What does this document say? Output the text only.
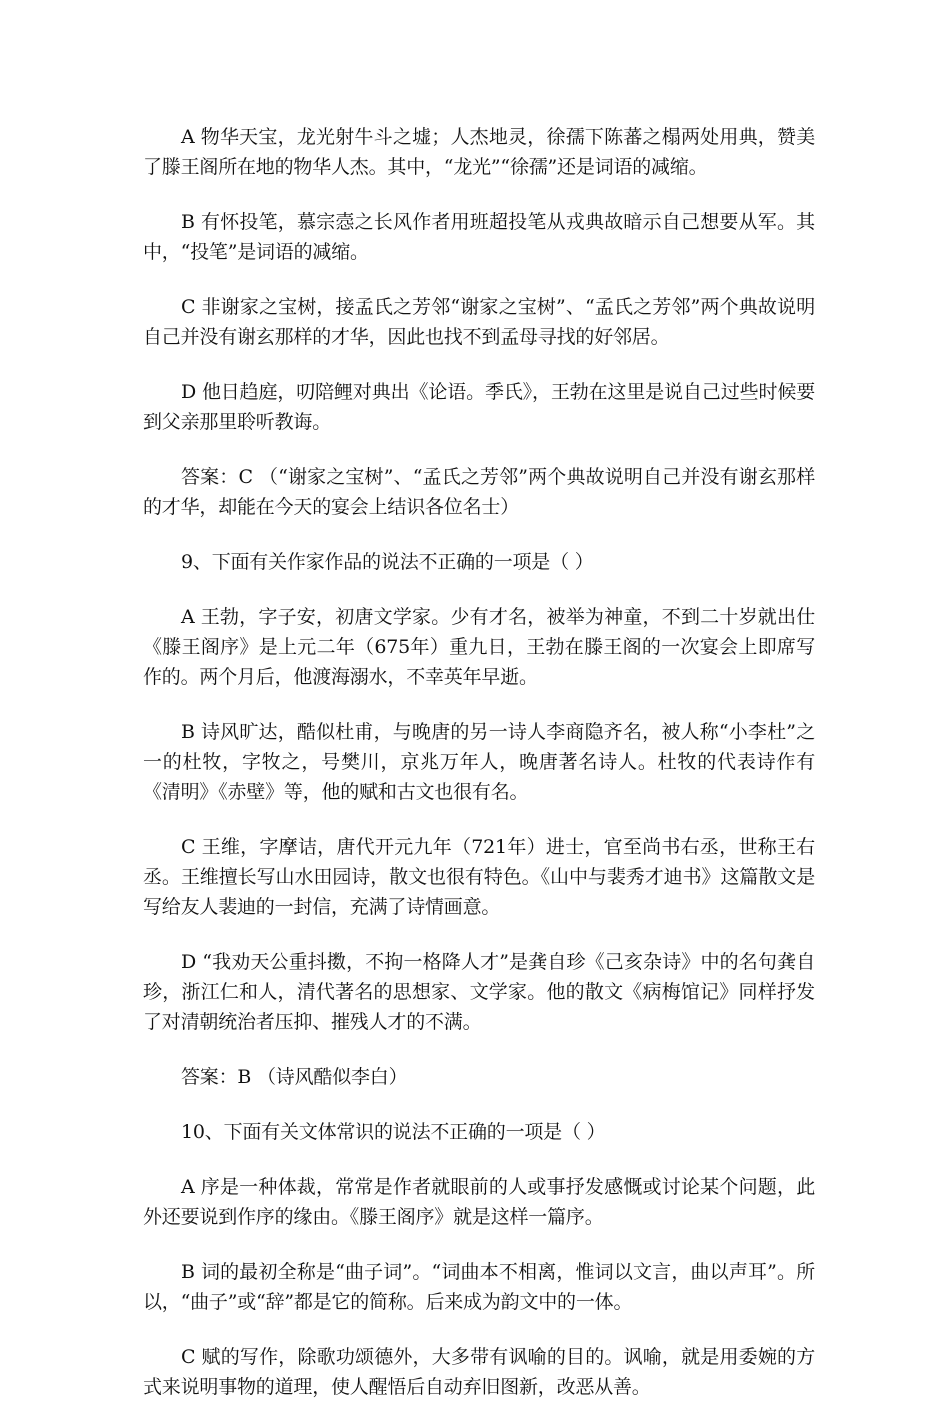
A 物华天宝，龙光射牛斗之墟；人杰地灵，徐孺下陈蕃之榻两处用典，赞美了滕王阁所在地的物华人杰。其中，“龙光”“徐孺”还是词语的减缩。

B 有怀投笔，慕宗悫之长风作者用班超投笔从戎典故暗示自己想要从军。其中，“投笔”是词语的减缩。

C 非谢家之宝树，接孟氏之芳邻“谢家之宝树”、“孟氏之芳邻”两个典故说明自己并没有谢玄那样的才华，因此也找不到孟母寻找的好邻居。

D 他日趋庭，叨陪鲤对典出《论语。季氏》，王勃在这里是说自己过些时候要到父亲那里聆听教诲。

答案：C （“谢家之宝树”、“孟氏之芳邻”两个典故说明自己并没有谢玄那样的才华，却能在今天的宴会上结识各位名士）

9、下面有关作家作品的说法不正确的一项是（ ）

A 王勃，字子安，初唐文学家。少有才名，被举为神童，不到二十岁就出仕《滕王阁序》是上元二年（675年）重九日，王勃在滕王阁的一次宴会上即席写作的。两个月后，他渡海溺水，不幸英年早逝。

B 诗风旷达，酷似杜甫，与晚唐的另一诗人李商隐齐名，被人称“小李杜”之一的杜牧，字牧之，号樊川，京兆万年人，晚唐著名诗人。杜牧的代表诗作有《清明》《赤壁》等，他的赋和古文也很有名。

C 王维，字摩诘，唐代开元九年（721年）进士，官至尚书右丞，世称王右丞。王维擅长写山水田园诗，散文也很有特色。《山中与裴秀才迪书》这篇散文是写给友人裴迪的一封信，充满了诗情画意。

D “我劝天公重抖擞，不拘一格降人才”是龚自珍《己亥杂诗》中的名句龚自珍，浙江仁和人，清代著名的思想家、文学家。他的散文《病梅馆记》同样抒发了对清朝统治者压抑、摧残人才的不满。

答案：B （诗风酷似李白）

10、下面有关文体常识的说法不正确的一项是（ ）

A 序是一种体裁，常常是作者就眼前的人或事抒发感慨或讨论某个问题，此外还要说到作序的缘由。《滕王阁序》就是这样一篇序。

B 词的最初全称是“曲子词”。“词曲本不相离，惟词以文言，曲以声耳”。所以，“曲子”或“辞”都是它的简称。后来成为韵文中的一体。

C 赋的写作，除歌功颂德外，大多带有讽喻的目的。讽喻，就是用委婉的方式来说明事物的道理，使人醒悟后自动弃旧图新，改恶从善。
